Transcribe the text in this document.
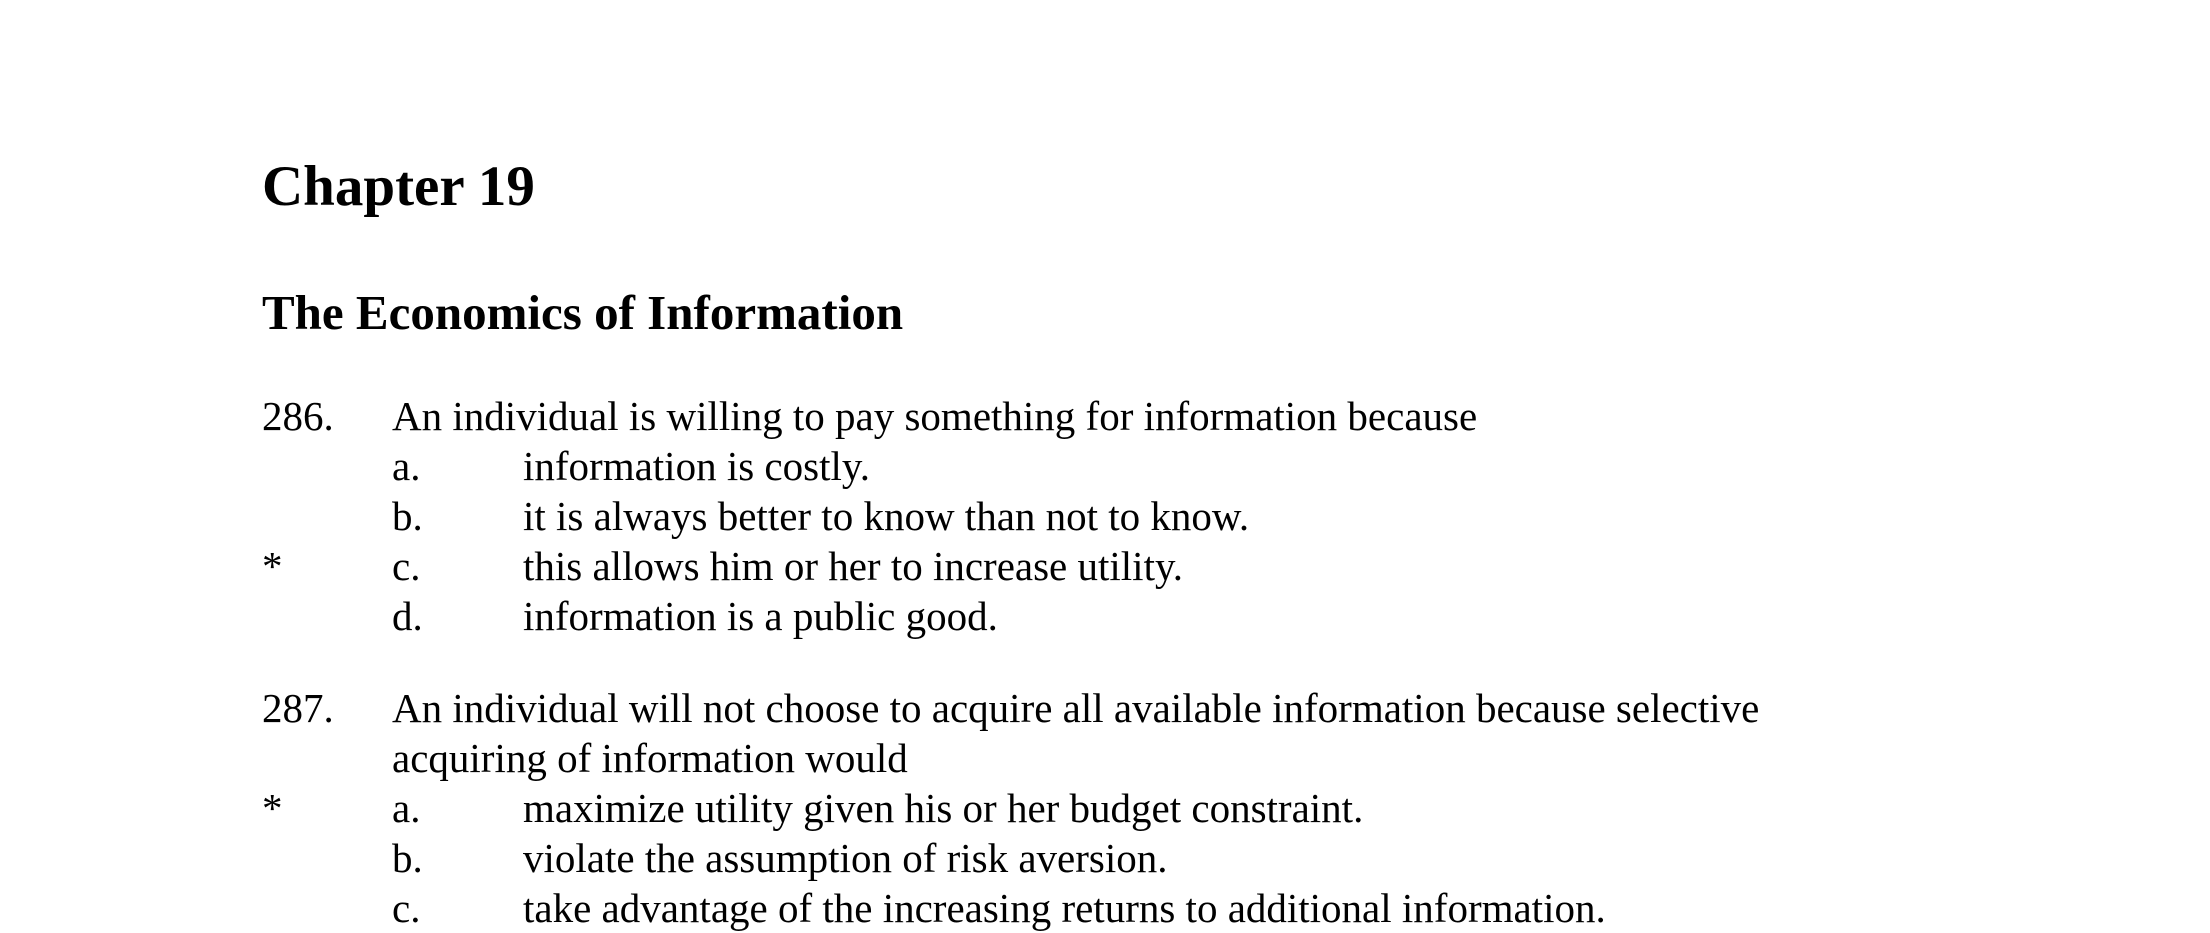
Chapter 19
The Economics of Information
286. An individual is willing to pay something for information because
a.	information is costly.
b. it is always better to know than not to know.
*	c.	this allows him or her to increase utility.
d. information is a public good.
287. An individual will not choose to acquire all available information because selective acquiring of information would
*	a.	maximize utility given his or her budget constraint.
b. violate the assumption of risk aversion.
c.	take advantage of the increasing returns to additional information.
